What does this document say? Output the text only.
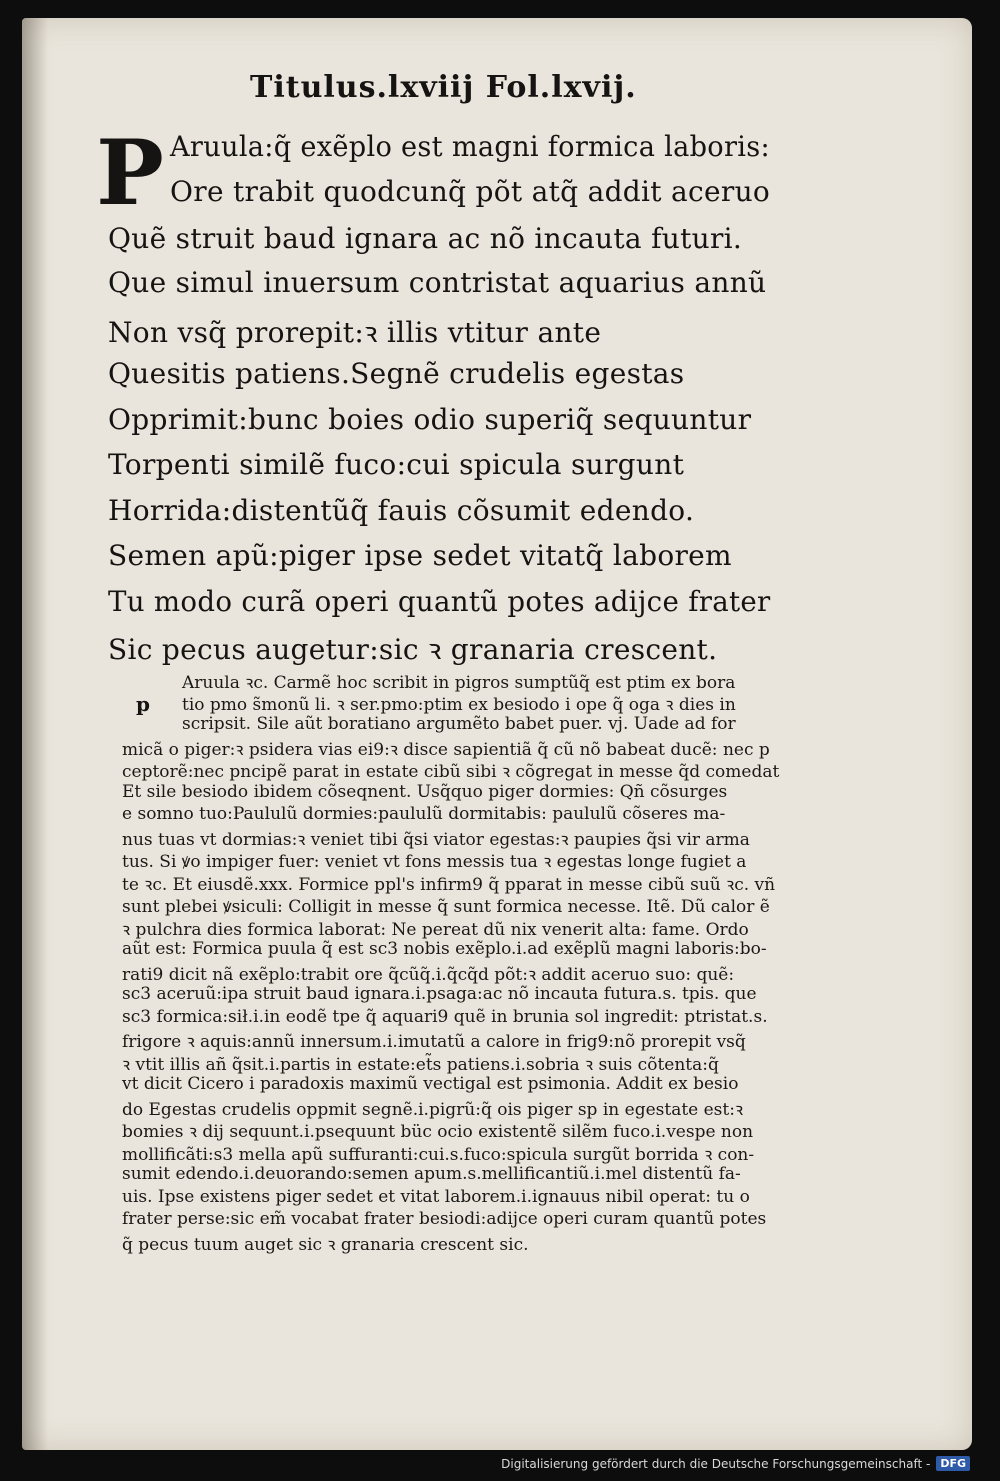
Titulus.lxviij Fol.lxvij.
P Aruula:q̃ exẽplo est magni formica laboris:
Ore trabit quodcunq̃ põt atq̃ addit aceruo
Quẽ struit baud ignara ac nõ incauta futuri.
Que simul inuersum contristat aquarius annũ
Non vsq̃ prorepit:ꝛ illis vtitur ante
Quesitis patiens.Segnẽ crudelis egestas
Opprimit:bunc boies odio superiq̃ sequuntur
Torpenti similẽ fuco:cui spicula surgunt
Horrida:distentũq̃ fauis cõsumit edendo.
Semen apũ:piger ipse sedet vitatq̃ laborem
Tu modo curã operi quantũ potes adijce frater
Sic pecus augetur:sic ꝛ granaria crescent.
p
Aruula ꝛc. Carmẽ hoc scribit in pigros sumptũq̃ est ptim ex bora
tio pmo s̃monũ li. ꝛ ser.pmo:ptim ex besiodo i ope q̃ oga ꝛ dies in
scripsit. Sile aũt boratiano argumẽto babet puer. vj. Uade ad for
micã o piger:ꝛ psidera vias ei9:ꝛ disce sapientiã q̃ cũ nõ babeat ducẽ: nec p
ceptorẽ:nec pncipẽ parat in estate cibũ sibi ꝛ cõgregat in messe q̃d comedat
Et sile besiodo ibidem cõseqnent. Usq̃quo piger dormies: Qñ cõsurges
e somno tuo:Paululũ dormies:paululũ dormitabis: paululũ cõseres ma-
nus tuas vt dormias:ꝛ veniet tibi q̃si viator egestas:ꝛ paupies q̃si vir arma
tus. Si ꝟo impiger fuer: veniet vt fons messis tua ꝛ egestas longe fugiet a
te ꝛc. Et eiusdẽ.xxx. Formice ppl's infirm9 q̃ pparat in messe cibũ suũ ꝛc. vñ
sunt plebei ꝟsiculi: Colligit in messe q̃ sunt formica necesse. Itẽ. Dũ calor ẽ
ꝛ pulchra dies formica laborat: Ne pereat dũ nix venerit alta: fame. Ordo
aũt est: Formica puula q̃ est sc3 nobis exẽplo.i.ad exẽplũ magni laboris:bo-
rati9 dicit nã exẽplo:trabit ore q̃cũq̃.i.q̃cq̃d põt:ꝛ addit aceruo suo: quẽ:
sc3 aceruũ:ipa struit baud ignara.i.psaga:ac nõ incauta futura.s. tpis. que
sc3 formica:sił.i.in eodẽ tpe q̃ aquari9 quẽ in brunia sol ingredit: ptristat.s.
frigore ꝛ aquis:annũ innersum.i.imutatũ a calore in frig9:nõ prorepit vsq̃
ꝛ vtit illis añ q̃sit.i.partis in estate:et̃s patiens.i.sobria ꝛ suis cõtenta:q̃
vt dicit Cicero i paradoxis maximũ vectigal est psimonia. Addit ex besio
do Egestas crudelis oppmit segnẽ.i.pigrũ:q̃ ois piger sp in egestate est:ꝛ
bomies ꝛ dij sequunt.i.psequunt büc ocio existentẽ silẽm fuco.i.vespe non
mollificãti:s3 mella apũ suffuranti:cui.s.fuco:spicula surgũt borrida ꝛ con-
sumit edendo.i.deuorando:semen apum.s.mellificantiũ.i.mel distentũ fa-
uis. Ipse existens piger sedet et vitat laborem.i.ignauus nibil operat: tu o
frater perse:sic em̃ vocabat frater besiodi:adijce operi curam quantũ potes
q̃ pecus tuum auget sic ꝛ granaria crescent sic.
Digitalisierung gefördert durch die Deutsche Forschungsgemeinschaft - DFG
